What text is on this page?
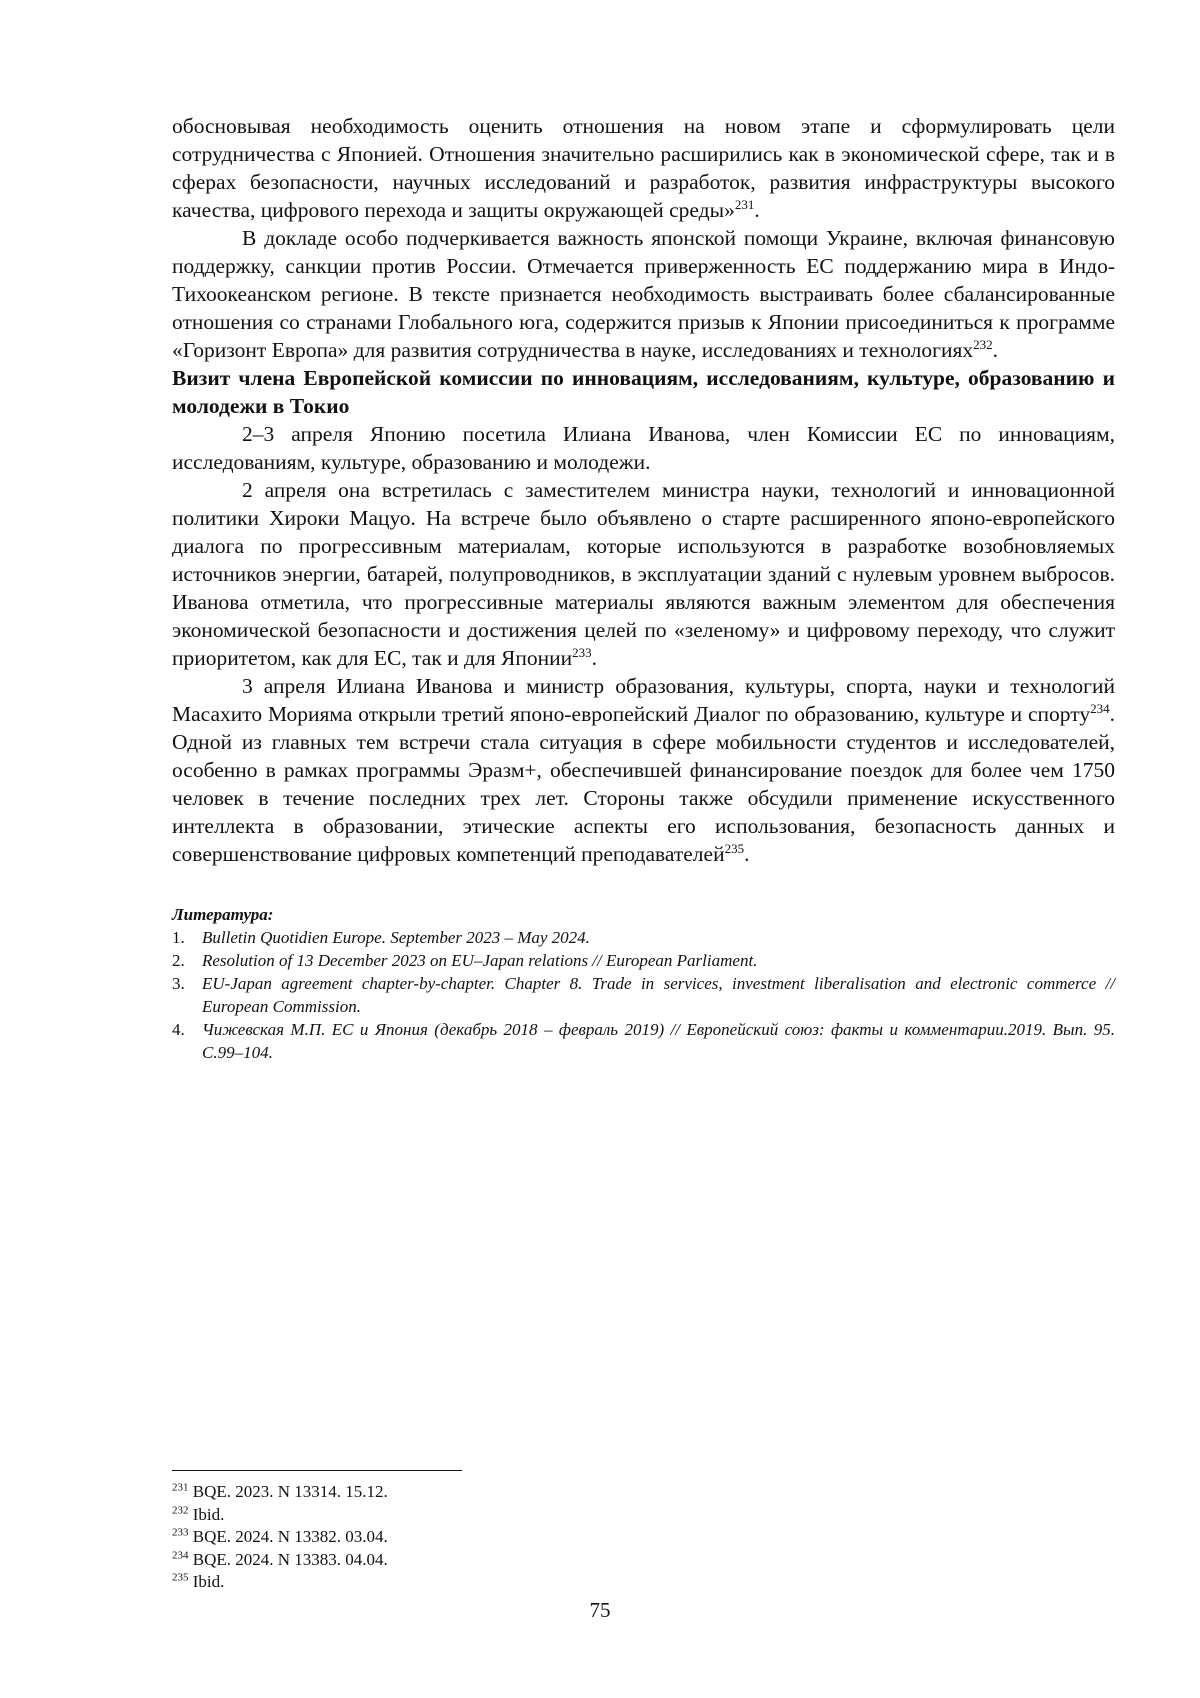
обосновывая необходимость оценить отношения на новом этапе и сформулировать цели сотрудничества с Японией. Отношения значительно расширились как в экономической сфере, так и в сферах безопасности, научных исследований и разработок, развития инфраструктуры высокого качества, цифрового перехода и защиты окружающей среды»$^{231}$.

В докладе особо подчеркивается важность японской помощи Украине, включая финансовую поддержку, санкции против России. Отмечается приверженность ЕС поддержанию мира в Индо-Тихоокеанском регионе. В тексте признается необходимость выстраивать более сбалансированные отношения со странами Глобального юга, содержится призыв к Японии присоединиться к программе «Горизонт Европа» для развития сотрудничества в науке, исследованиях и технологиях$^{232}$.

Визит члена Европейской комиссии по инновациям, исследованиям, культуре, образованию и молодежи в Токио

2–3 апреля Японию посетила Илиана Иванова, член Комиссии ЕС по инновациям, исследованиям, культуре, образованию и молодежи.

2 апреля она встретилась с заместителем министра науки, технологий и инновационной политики Хироки Мацуо. На встрече было объявлено о старте расширенного японо-европейского диалога по прогрессивным материалам, которые используются в разработке возобновляемых источников энергии, батарей, полупроводников, в эксплуатации зданий с нулевым уровнем выбросов. Иванова отметила, что прогрессивные материалы являются важным элементом для обеспечения экономической безопасности и достижения целей по «зеленому» и цифровому переходу, что служит приоритетом, как для ЕС, так и для Японии$^{233}$.

3 апреля Илиана Иванова и министр образования, культуры, спорта, науки и технологий Масахито Морияма открыли третий японо-европейский Диалог по образованию, культуре и спорту$^{234}$. Одной из главных тем встречи стала ситуация в сфере мобильности студентов и исследователей, особенно в рамках программы Эразм+, обеспечившей финансирование поездок для более чем 1750 человек в течение последних трех лет. Стороны также обсудили применение искусственного интеллекта в образовании, этические аспекты его использования, безопасность данных и совершенствование цифровых компетенций преподавателей$^{235}$.

Литература:

1. Bulletin Quotidien Europe. September 2023 – May 2024.
2. Resolution of 13 December 2023 on EU–Japan relations // European Parliament.
3. EU-Japan agreement chapter-by-chapter. Chapter 8. Trade in services, investment liberalisation and electronic commerce // European Commission.
4. Чижевская М.П. ЕС и Япония (декабрь 2018 – февраль 2019) // Европейский союз: факты и комментарии.2019. Вып. 95. С.99–104.

$^{231}$ BQE. 2023. N 13314. 15.12.

$^{232}$ Ibid.

$^{233}$ BQE. 2024. N 13382. 03.04.

$^{234}$ BQE. 2024. N 13383. 04.04.

$^{235}$ Ibid.

75
